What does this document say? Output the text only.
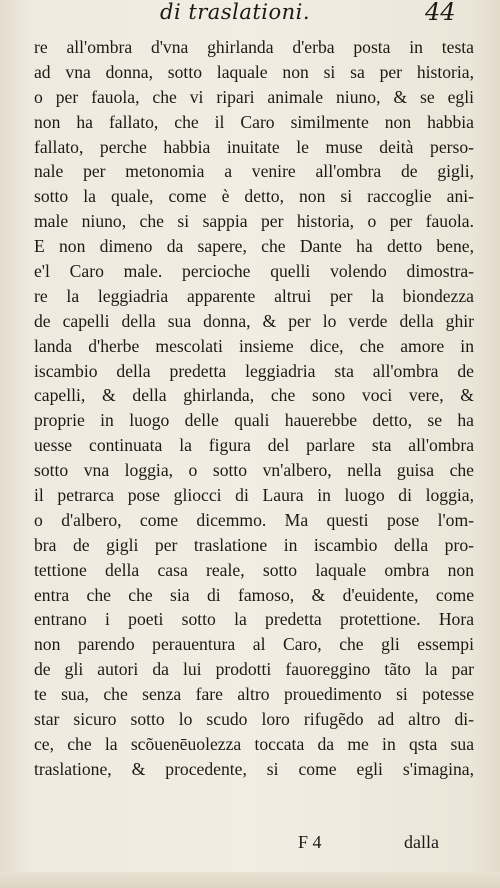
di traslationi.	44
re all'ombra d'vna ghirlanda d'erba posta in testa
ad vna donna, sotto laquale non si sa per historia,
o per fauola, che vi ripari animale niuno, & se egli
non ha fallato, che il Caro similmente non habbia
fallato, perche habbia inuitate le muse deità perso-
nale per metonomia a venire all'ombra de gigli,
sotto la quale, come è detto, non si raccoglie ani-
male niuno, che si sappia per historia, o per fauola.
E non dimeno da sapere, che Dante ha detto bene,
e'l Caro male. percioche quelli volendo dimostra-
re la leggiadria apparente altrui per la biondezza
de capelli della sua donna, & per lo verde della ghir
landa d'herbe mescolati insieme dice, che amore in
iscambio della predetta leggiadria sta all'ombra de
capelli, & della ghirlanda, che sono voci vere, &
proprie in luogo delle quali hauerebbe detto, se ha
uesse continuata la figura del parlare sta all'ombra
sotto vna loggia, o sotto vn'albero, nella guisa che
il petrarca pose gliocci di Laura in luogo di loggia,
o d'albero, come dicemmo. Ma questi pose l'om-
bra de gigli per traslatione in iscambio della pro-
tettione della casa reale, sotto laquale ombra non
entra che che sia di famoso, & d'euidente, come
entrano i poeti sotto la predetta protettione. Hora
non parendo perauentura al Caro, che gli essempi
de gli autori da lui prodotti fauoreggino tãto la par
te sua, che senza fare altro prouedimento si potesse
star sicuro sotto lo scudo loro rifugẽdo ad altro di-
ce, che la scõuenēuolezza toccata da me in qsta sua
traslatione, & procedente, si come egli s'imagina,
F 4	dalla
